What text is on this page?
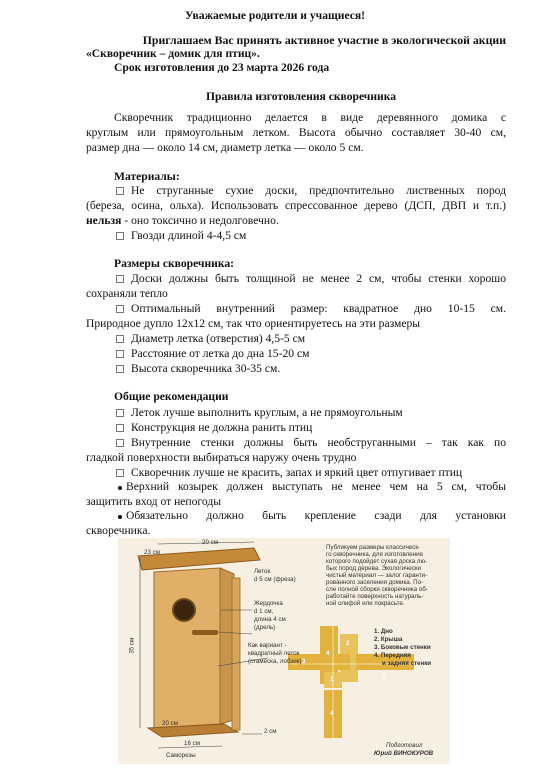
Уважаемые родители и учащиеся!
Приглашаем Вас принять активное участие в экологической акции
«Скворечник – домик для птиц».
Срок изготовления до 23 марта 2026 года
Правила изготовления скворечника
Скворечник традиционно делается в виде деревянного домика с
круглым или прямоугольным летком. Высота обычно составляет 30-40 см,
размер дна — около 14 см, диаметр летка — около 5 см.
Материалы:
Не струганные сухие доски, предпочтительно лиственных пород
(береза, осина, ольха). Использовать спрессованное дерево (ДСП, ДВП и т.п.)
нельзя - оно токсично и недолговечно.
Гвозди длиной 4-4,5 см
Размеры скворечника:
Доски должны быть толщиной не менее 2 см, чтобы стенки хорошо
сохраняли тепло
Оптимальный внутренний размер: квадратное дно 10-15 см.
Природное дупло 12х12 см, так что ориентируетесь на эти размеры
Диаметр летка (отверстия) 4,5-5 см
Расстояние от летка до дна 15-20 см
Высота скворечника 30-35 см.
Общие рекомендации
Леток лучше выполнить круглым, а не прямоугольным
Конструкция не должна ранить птиц
Внутренние стенки должны быть необструганными – так как по
гладкой поверхности выбираться наружу очень трудно
Скворечник лучше не красить, запах и яркий цвет отпугивает птиц
Верхний козырек должен выступать не менее чем на 5 см, чтобы
защитить вход от непогоды
Обязательно должно быть крепление сзади для установки
скворечника.
20 см
23 см
35 см
20 см
16 см
2 см
Леток
d 5 см (фреза)
Жердочка
d 1 см,
длина 4 см
(дрель)
Как вариант -
квадратный леток
(стамеска, лобзик)
Саморезы
Публикуем размеры классическ-
го скворечника, для изготовления
которого подойдет сухая доска лю-
бых пород дерева. Экологически
чистый материал — залог гаранти-
рованного заселения домика. По-
сле полной сборки скворечника об-
работайте поверхность натураль-
ной олифой или покрасьте.
1. Дно
2. Крыша
3. Боковые стенки
4. Передняя
и задняя стенки
4
2
3
3
1
4
Подготовил
Юрий ВИНОКУРОВ
